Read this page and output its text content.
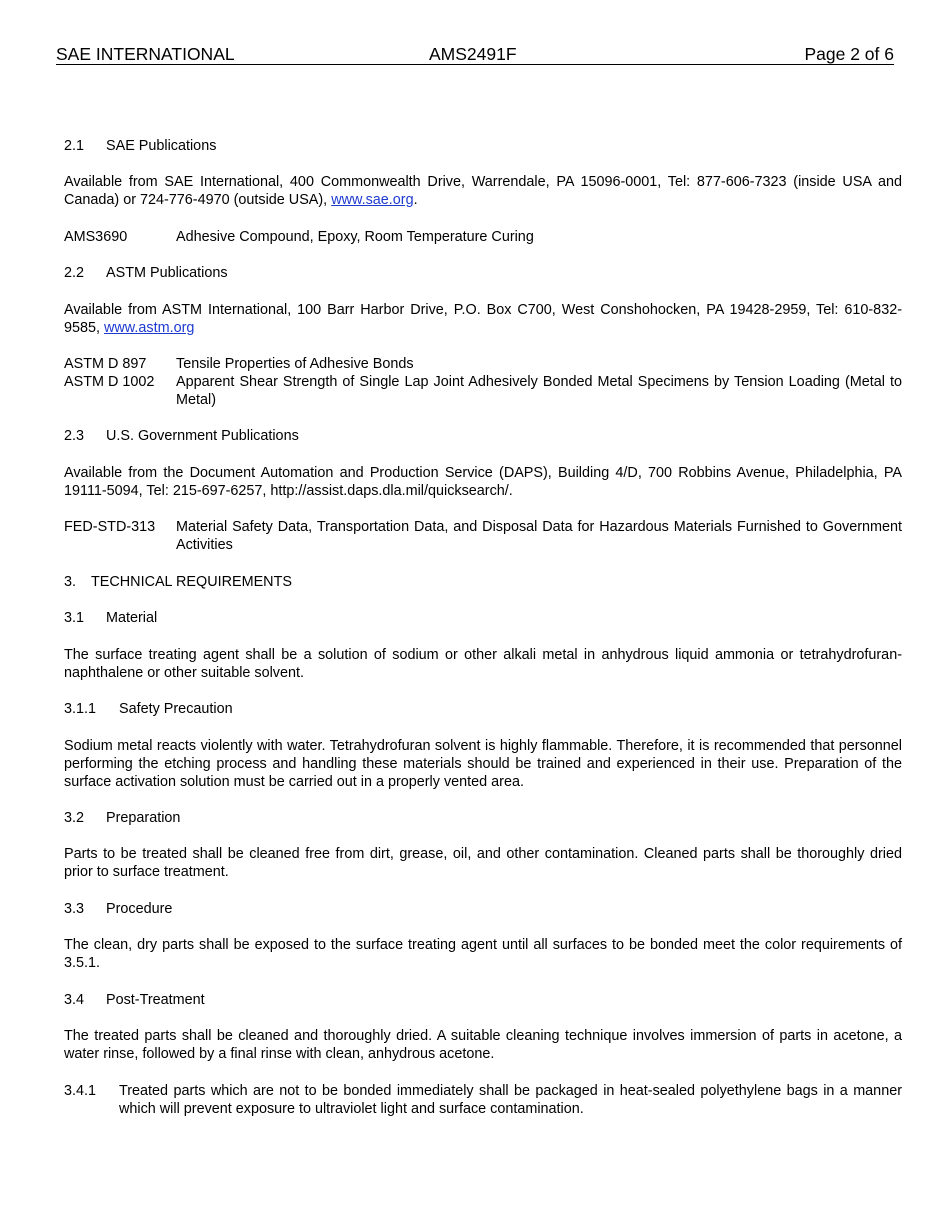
SAE INTERNATIONAL	AMS2491F	Page 2 of 6
2.1 SAE Publications
Available from SAE International, 400 Commonwealth Drive, Warrendale, PA 15096-0001, Tel: 877-606-7323 (inside USA and Canada) or 724-776-4970 (outside USA), www.sae.org.
AMS3690	Adhesive Compound, Epoxy, Room Temperature Curing
2.2 ASTM Publications
Available from ASTM International, 100 Barr Harbor Drive, P.O. Box C700, West Conshohocken, PA 19428-2959, Tel: 610-832-9585, www.astm.org
ASTM D 897 Tensile Properties of Adhesive Bonds
ASTM D 1002 Apparent Shear Strength of Single Lap Joint Adhesively Bonded Metal Specimens by Tension Loading (Metal to Metal)
2.3 U.S. Government Publications
Available from the Document Automation and Production Service (DAPS), Building 4/D, 700 Robbins Avenue, Philadelphia, PA 19111-5094, Tel: 215-697-6257, http://assist.daps.dla.mil/quicksearch/.
FED-STD-313 Material Safety Data, Transportation Data, and Disposal Data for Hazardous Materials Furnished to Government Activities
3. TECHNICAL REQUIREMENTS
3.1 Material
The surface treating agent shall be a solution of sodium or other alkali metal in anhydrous liquid ammonia or tetrahydrofuran-naphthalene or other suitable solvent.
3.1.1 Safety Precaution
Sodium metal reacts violently with water. Tetrahydrofuran solvent is highly flammable. Therefore, it is recommended that personnel performing the etching process and handling these materials should be trained and experienced in their use. Preparation of the surface activation solution must be carried out in a properly vented area.
3.2 Preparation
Parts to be treated shall be cleaned free from dirt, grease, oil, and other contamination. Cleaned parts shall be thoroughly dried prior to surface treatment.
3.3 Procedure
The clean, dry parts shall be exposed to the surface treating agent until all surfaces to be bonded meet the color requirements of 3.5.1.
3.4 Post-Treatment
The treated parts shall be cleaned and thoroughly dried. A suitable cleaning technique involves immersion of parts in acetone, a water rinse, followed by a final rinse with clean, anhydrous acetone.
3.4.1 Treated parts which are not to be bonded immediately shall be packaged in heat-sealed polyethylene bags in a manner which will prevent exposure to ultraviolet light and surface contamination.
